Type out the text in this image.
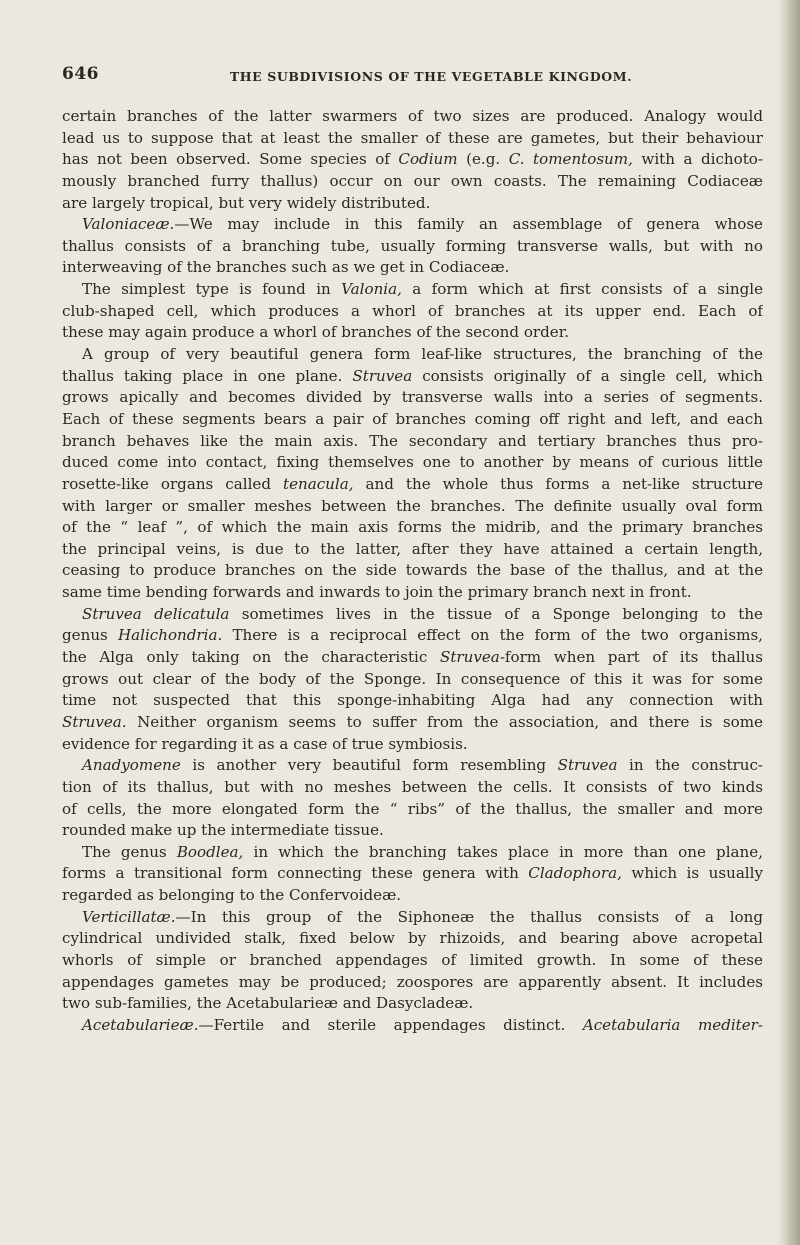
646	THE SUBDIVISIONS OF THE VEGETABLE KINGDOM.
certain branches of the latter swarmers of two sizes are produced. Analogy would
lead us to suppose that at least the smaller of these are gametes, but their behaviour
has not been observed. Some species of Codium (e.g. C. tomentosum, with a dichoto-
mously branched furry thallus) occur on our own coasts. The remaining Codiaceæ
are largely tropical, but very widely distributed.
Valoniaceæ.—We may include in this family an assemblage of genera whose
thallus consists of a branching tube, usually forming transverse walls, but with no
interweaving of the branches such as we get in Codiaceæ.
The simplest type is found in Valonia, a form which at first consists of a single
club-shaped cell, which produces a whorl of branches at its upper end. Each of
these may again produce a whorl of branches of the second order.
A group of very beautiful genera form leaf-like structures, the branching of the
thallus taking place in one plane. Struvea consists originally of a single cell, which
grows apically and becomes divided by transverse walls into a series of segments.
Each of these segments bears a pair of branches coming off right and left, and each
branch behaves like the main axis. The secondary and tertiary branches thus pro-
duced come into contact, fixing themselves one to another by means of curious little
rosette-like organs called tenacula, and the whole thus forms a net-like structure
with larger or smaller meshes between the branches. The definite usually oval form
of the “ leaf ”, of which the main axis forms the midrib, and the primary branches
the principal veins, is due to the latter, after they have attained a certain length,
ceasing to produce branches on the side towards the base of the thallus, and at the
same time bending forwards and inwards to join the primary branch next in front.
Struvea delicatula sometimes lives in the tissue of a Sponge belonging to the
genus Halichondria. There is a reciprocal effect on the form of the two organisms,
the Alga only taking on the characteristic Struvea-form when part of its thallus
grows out clear of the body of the Sponge. In consequence of this it was for some
time not suspected that this sponge-inhabiting Alga had any connection with
Struvea. Neither organism seems to suffer from the association, and there is some
evidence for regarding it as a case of true symbiosis.
Anadyomene is another very beautiful form resembling Struvea in the construc-
tion of its thallus, but with no meshes between the cells. It consists of two kinds
of cells, the more elongated form the “ ribs” of the thallus, the smaller and more
rounded make up the intermediate tissue.
The genus Boodlea, in which the branching takes place in more than one plane,
forms a transitional form connecting these genera with Cladophora, which is usually
regarded as belonging to the Confervoideæ.
Verticillatæ.—In this group of the Siphoneæ the thallus consists of a long
cylindrical undivided stalk, fixed below by rhizoids, and bearing above acropetal
whorls of simple or branched appendages of limited growth. In some of these
appendages gametes may be produced; zoospores are apparently absent. It includes
two sub-families, the Acetabularieæ and Dasycladeæ.
Acetabularieæ.—Fertile and sterile appendages distinct. Acetabularia mediter-
